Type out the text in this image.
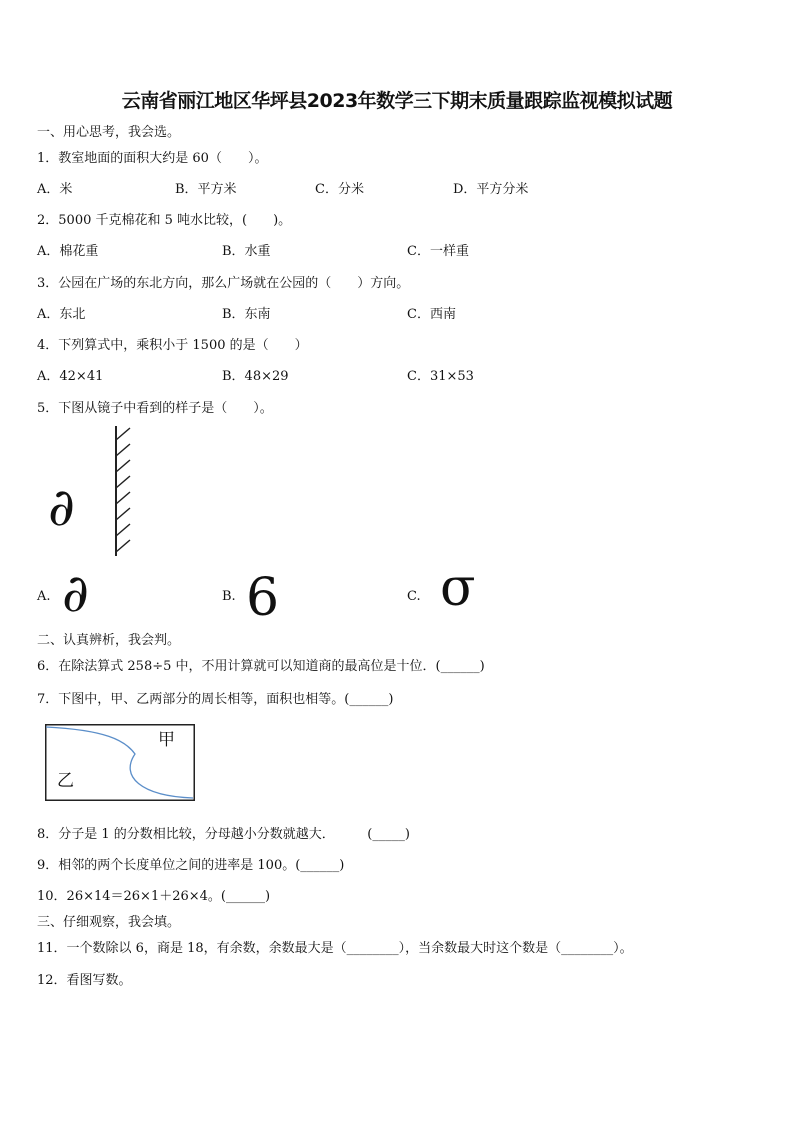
云南省丽江地区华坪县2023年数学三下期末质量跟踪监视模拟试题
一、用心思考，我会选。
1．教室地面的面积大约是 60（　　）。
A．米	B．平方米	C．分米	D．平方分米
2．5000 千克棉花和 5 吨水比较，(　　)。
A．棉花重	B．水重	C．一样重
3．公园在广场的东北方向，那么广场就在公园的（　　）方向。
A．东北	B．东南	C．西南
4．下列算式中，乘积小于 1500 的是（　　）
A．42×41	B．48×29	C．31×53
5．下图从镜子中看到的样子是（　　）。
∂
A. ∂	B. 6	C. σ
二、认真辨析，我会判。
6．在除法算式 258÷5 中，不用计算就可以知道商的最高位是十位．(______)
7．下图中，甲、乙两部分的周长相等，面积也相等。(______)
甲
乙
8．分子是 1 的分数相比较，分母越小分数就越大．　　　(_____)
9．相邻的两个长度单位之间的进率是 100。(______)
10．26×14＝26×1＋26×4。(______)
三、仔细观察，我会填。
11．一个数除以 6，商是 18，有余数，余数最大是（________），当余数最大时这个数是（________）。
12．看图写数。
